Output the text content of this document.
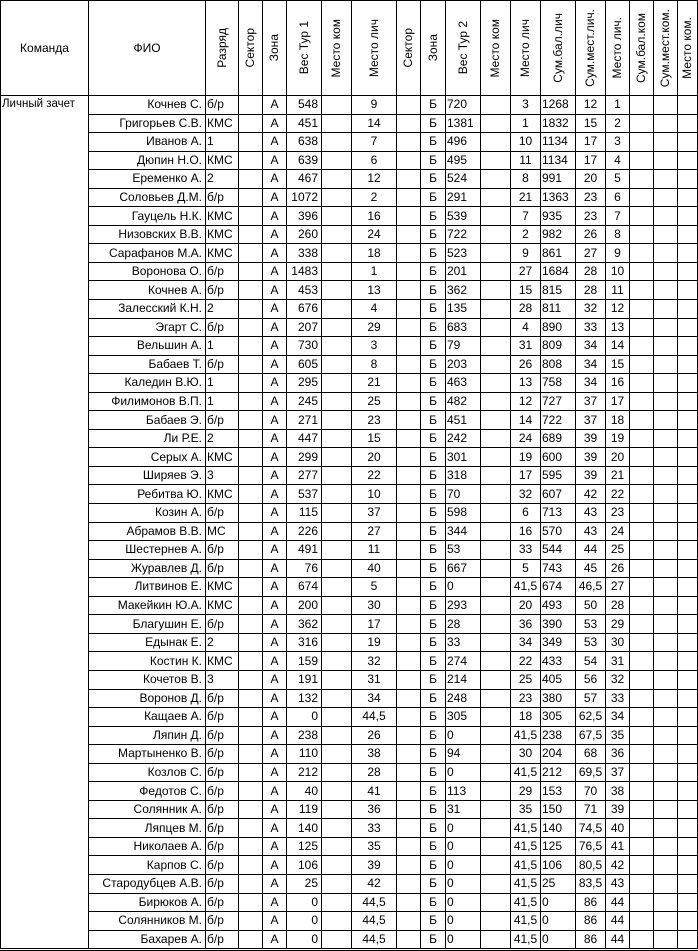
Команда	ФИО	Разряд	Сектор	Зона	Вес Тур 1	Место ком	Место лич	Сектор	Зона	Вес Тур 2	Место ком	Место лич	Сум.бал.лич	Сум.мест.лич.	Место лич.	Сум.бал.ком	Сум.мест.ком.	Место ком.

Личный зачет	Кочнев С.	б/р		А	548		9		Б	720		3	1268	12	1			
	Григорьев С.В.	КМС		А	451		14		Б	1381		1	1832	15	2			
	Иванов А.	1		А	638		7		Б	496		10	1134	17	3			
	Дюпин Н.О.	КМС		А	639		6		Б	495		11	1134	17	4			
	Еременко А.	2		А	467		12		Б	524		8	991	20	5			
	Соловьев Д.М.	б/р		А	1072		2		Б	291		21	1363	23	6			
	Гауцель Н.К.	КМС		А	396		16		Б	539		7	935	23	7			
	Низовских В.В.	КМС		А	260		24		Б	722		2	982	26	8			
	Сарафанов М.А.	КМС		А	338		18		Б	523		9	861	27	9			
	Воронова О.	б/р		А	1483		1		Б	201		27	1684	28	10			
	Кочнев А.	б/р		А	453		13		Б	362		15	815	28	11			
	Залесский К.Н.	2		А	676		4		Б	135		28	811	32	12			
	Эгарт С.	б/р		А	207		29		Б	683		4	890	33	13			
	Вельшин А.	1		А	730		3		Б	79		31	809	34	14			
	Бабаев Т.	б/р		А	605		8		Б	203		26	808	34	15			
	Каледин В.Ю.	1		А	295		21		Б	463		13	758	34	16			
	Филимонов В.П.	1		А	245		25		Б	482		12	727	37	17			
	Бабаев Э.	б/р		А	271		23		Б	451		14	722	37	18			
	Ли Р.Е.	2		А	447		15		Б	242		24	689	39	19			
	Серых А.	КМС		А	299		20		Б	301		19	600	39	20			
	Ширяев Э.	3		А	277		22		Б	318		17	595	39	21			
	Ребитва Ю.	КМС		А	537		10		Б	70		32	607	42	22			
	Козин А.	б/р		А	115		37		Б	598		6	713	43	23			
	Абрамов В.В.	МС		А	226		27		Б	344		16	570	43	24			
	Шестернев А.	б/р		А	491		11		Б	53		33	544	44	25			
	Журавлев Д.	б/р		А	76		40		Б	667		5	743	45	26			
	Литвинов Е.	КМС		А	674		5		Б	0		41,5	674	46,5	27			
	Макейкин Ю.А.	КМС		А	200		30		Б	293		20	493	50	28			
	Благушин Е.	б/р		А	362		17		Б	28		36	390	53	29			
	Едынак Е.	2		А	316		19		Б	33		34	349	53	30			
	Костин К.	КМС		А	159		32		Б	274		22	433	54	31			
	Кочетов В.	3		А	191		31		Б	214		25	405	56	32			
	Воронов Д.	б/р		А	132		34		Б	248		23	380	57	33			
	Кащаев А.	б/р		А	0		44,5		Б	305		18	305	62,5	34			
	Ляпин Д.	б/р		А	238		26		Б	0		41,5	238	67,5	35			
	Мартыненко В.	б/р		А	110		38		Б	94		30	204	68	36			
	Козлов С.	б/р		А	212		28		Б	0		41,5	212	69,5	37			
	Федотов С.	б/р		А	40		41		Б	113		29	153	70	38			
	Солянник А.	б/р		А	119		36		Б	31		35	150	71	39			
	Ляпцев М.	б/р		А	140		33		Б	0		41,5	140	74,5	40			
	Николаев А.	б/р		А	125		35		Б	0		41,5	125	76,5	41			
	Карпов С.	б/р		А	106		39		Б	0		41,5	106	80,5	42			
	Стародубцев А.В.	б/р		А	25		42		Б	0		41,5	25	83,5	43			
	Бирюков А.	б/р		А	0		44,5		Б	0		41,5	0	86	44			
	Солянников М.	б/р		А	0		44,5		Б	0		41,5	0	86	44			
	Бахарев А.	б/р		А	0		44,5		Б	0		41,5	0	86	44			
